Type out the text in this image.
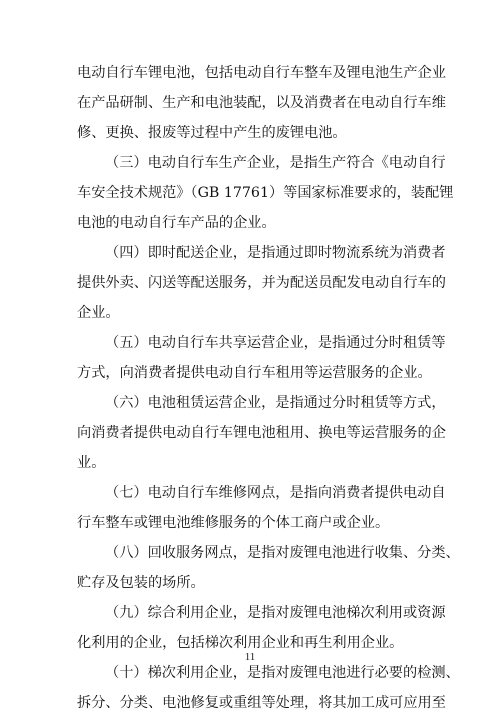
电动自行车锂电池，包括电动自行车整车及锂电池生产企业
在产品研制、生产和电池装配，以及消费者在电动自行车维
修、更换、报废等过程中产生的废锂电池。
（三）电动自行车生产企业，是指生产符合《电动自行
车安全技术规范》（GB 17761）等国家标准要求的，装配锂
电池的电动自行车产品的企业。
（四）即时配送企业，是指通过即时物流系统为消费者
提供外卖、闪送等配送服务，并为配送员配发电动自行车的
企业。
（五）电动自行车共享运营企业，是指通过分时租赁等
方式，向消费者提供电动自行车租用等运营服务的企业。
（六）电池租赁运营企业，是指通过分时租赁等方式，
向消费者提供电动自行车锂电池租用、换电等运营服务的企
业。
（七）电动自行车维修网点，是指向消费者提供电动自
行车整车或锂电池维修服务的个体工商户或企业。
（八）回收服务网点，是指对废锂电池进行收集、分类、
贮存及包装的场所。
（九）综合利用企业，是指对废锂电池梯次利用或资源
化利用的企业，包括梯次利用企业和再生利用企业。
（十）梯次利用企业，是指对废锂电池进行必要的检测、
拆分、分类、电池修复或重组等处理，将其加工成可应用至
11
